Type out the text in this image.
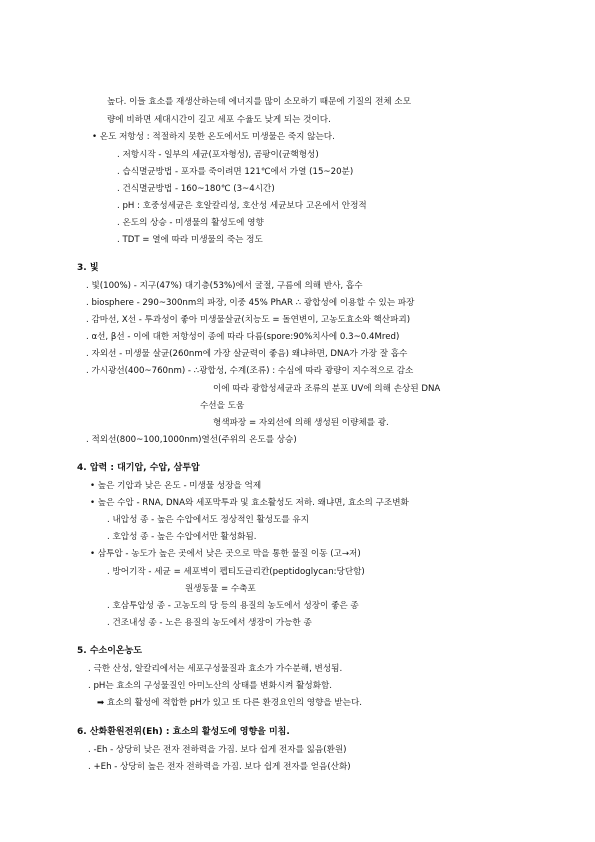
높다. 이들 효소를 재생산하는데 에너지를 많이 소모하기 때문에 기질의 전체 소모
량에 비하면 세대시간이 길고 세포 수율도 낮게 되는 것이다.
• 온도 저항성 : 적절하지 못한 온도에서도 미생물은 죽지 않는다.
. 저항시작 - 일부의 세균(포자형성), 곰팡이(균핵형성)
. 습식멸균방법 - 포자를 죽이려면 121℃에서 가열 (15~20분)
. 건식멸균방법 - 160~180℃ (3~4시간)
. pH : 호중성세균은 호알칼리성, 호산성 세균보다 고온에서 안정적
. 온도의 상승 - 미생물의 활성도에 영향
. TDT = 열에 따라 미생물의 죽는 정도
3. 빛
. 빛(100%) - 지구(47%) 대기층(53%)에서 굴절, 구름에 의해 반사, 흡수
. biosphere - 290~300nm의 파장, 이중 45% PhAR ∴ 광합성에 이용할 수 있는 파장
. 감마선, X선 - 투과성이 좋아 미생물살균(치능도 = 돌연변이, 고농도효소와 핵산파괴)
. α선, β선 - 이에 대한 저항성이 종에 따라 다름(spore:90%치사에 0.3~0.4Mred)
. 자외선 - 미생물 살균(260nm에 가장 살균력이 좋음) 왜냐하면, DNA가 가장 잘 흡수
. 가시광선(400~760nm) - ∴광합성, 수계(조류) : 수심에 따라 광량이 지수적으로 감소
이에 따라 광합성세균과 조류의 분포 UV에 의해 손상된 DNA
수선을 도움
형색파장 = 자외선에 의해 생성된 이량체를 광.
. 적외선(800~100,1000nm)열선(주위의 온도를 상승)
4. 압력 : 대기압, 수압, 삼투압
• 높은 기압과 낮은 온도 - 미생물 성장을 억제
• 높은 수압 - RNA, DNA와 세포막투과 및 효소활성도 저하. 왜냐면, 효소의 구조변화
. 내압성 종 - 높은 수압에서도 정상적인 활성도를 유지
. 호압성 종 - 높은 수압에서만 활성화됨.
• 삼투압 - 농도가 높은 곳에서 낮은 곳으로 막을 통한 물질 이동 (고→저)
. 방어기작 - 세균 = 세포벽이 펩티도글리칸(peptidoglycan:당단함)
원생동물 = 수축포
. 호삼투압성 종 - 고농도의 당 등의 용질의 농도에서 성장이 좋은 종
. 건조내성 종 - 노은 용질의 농도에서 생장이 가능한 종
5. 수소이온농도
. 극한 산성, 알칼리에서는 세포구성물질과 효소가 가수분해, 변성됨.
. pH는 효소의 구성물질인 아미노산의 상태를 변화시켜 활성화함.
➡ 효소의 활성에 적합한 pH가 있고 또 다른 환경요인의 영향을 받는다.
6. 산화환원전위(Eh) : 효소의 활성도에 영향을 미침.
. -Eh - 상당히 낮은 전자 전하력을 가짐. 보다 쉽게 전자를 잃음(환원)
. +Eh - 상당히 높은 전자 전하력을 가짐. 보다 쉽게 전자를 얻음(산화)
